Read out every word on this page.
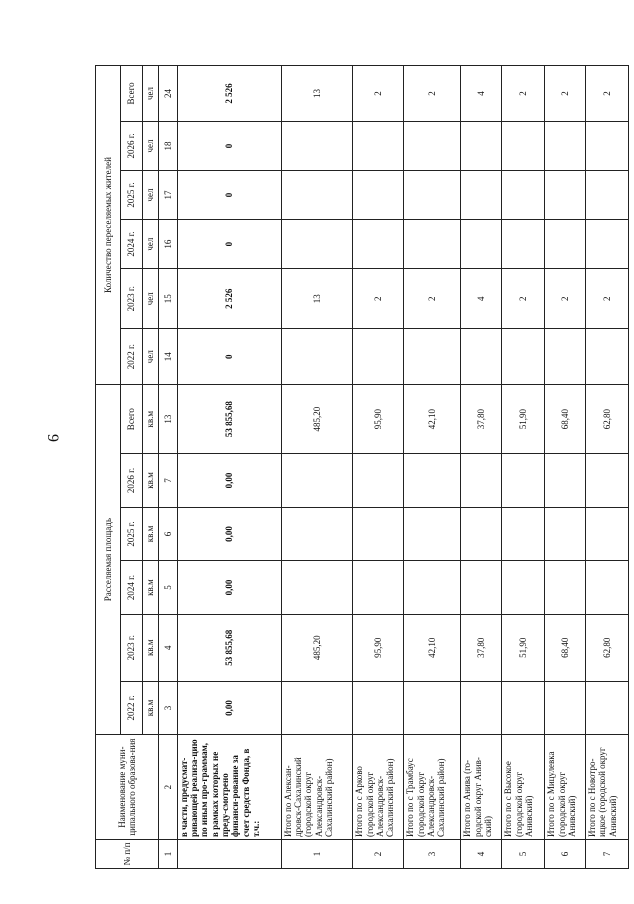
9
№ п/п	Наименование муни-ципального образова-ния	Расселяемая площадь						Количество переселяемых жителей					
		2022 г.	2023 г.	2024 г.	2025 г.	2026 г.	Всего	2022 г.	2023 г.	2024 г.	2025 г.	2026 г.	Всего
		кв.м	кв.м	кв.м	кв.м	кв.м	кв.м	чел	чел	чел	чел	чел	чел
1	2	3	4	5	6	7	13	14	15	16	17	18	24
	в части, предусмат-ривающей реализа-цию по иным про-граммам, в рамках которых не преду-смотрено финанси-рование за счет средств Фонда, в т.ч.:	0,00	53 855,68	0,00	0,00	0,00	53 855,68	0	2 526	0	0	0	2 526
1	Итого по Алексан-дровск-Сахалинский (городской округ Александровск-Сахалинский район)		485,20				485,20		13				13
2	Итого по с Арково (городской округ Александровск-Сахалинский район)		95,90				95,90		2				2
3	Итого по с Трамбаус (городской округ Александровск-Сахалинский район)		42,10				42,10		2				2
4	Итого по Анива (го-родской округ Анив-ский)		37,80				37,80		4				4
5	Итого по с Высокое (городской округ Анивский)		51,90				51,90		2				2
6	Итого по с Мицулевка (городской округ Анивский)		68,40				68,40		2				2
7	Итого по с Новотро-ицкое (городской округ Анивский)		62,80				62,80		2				2
